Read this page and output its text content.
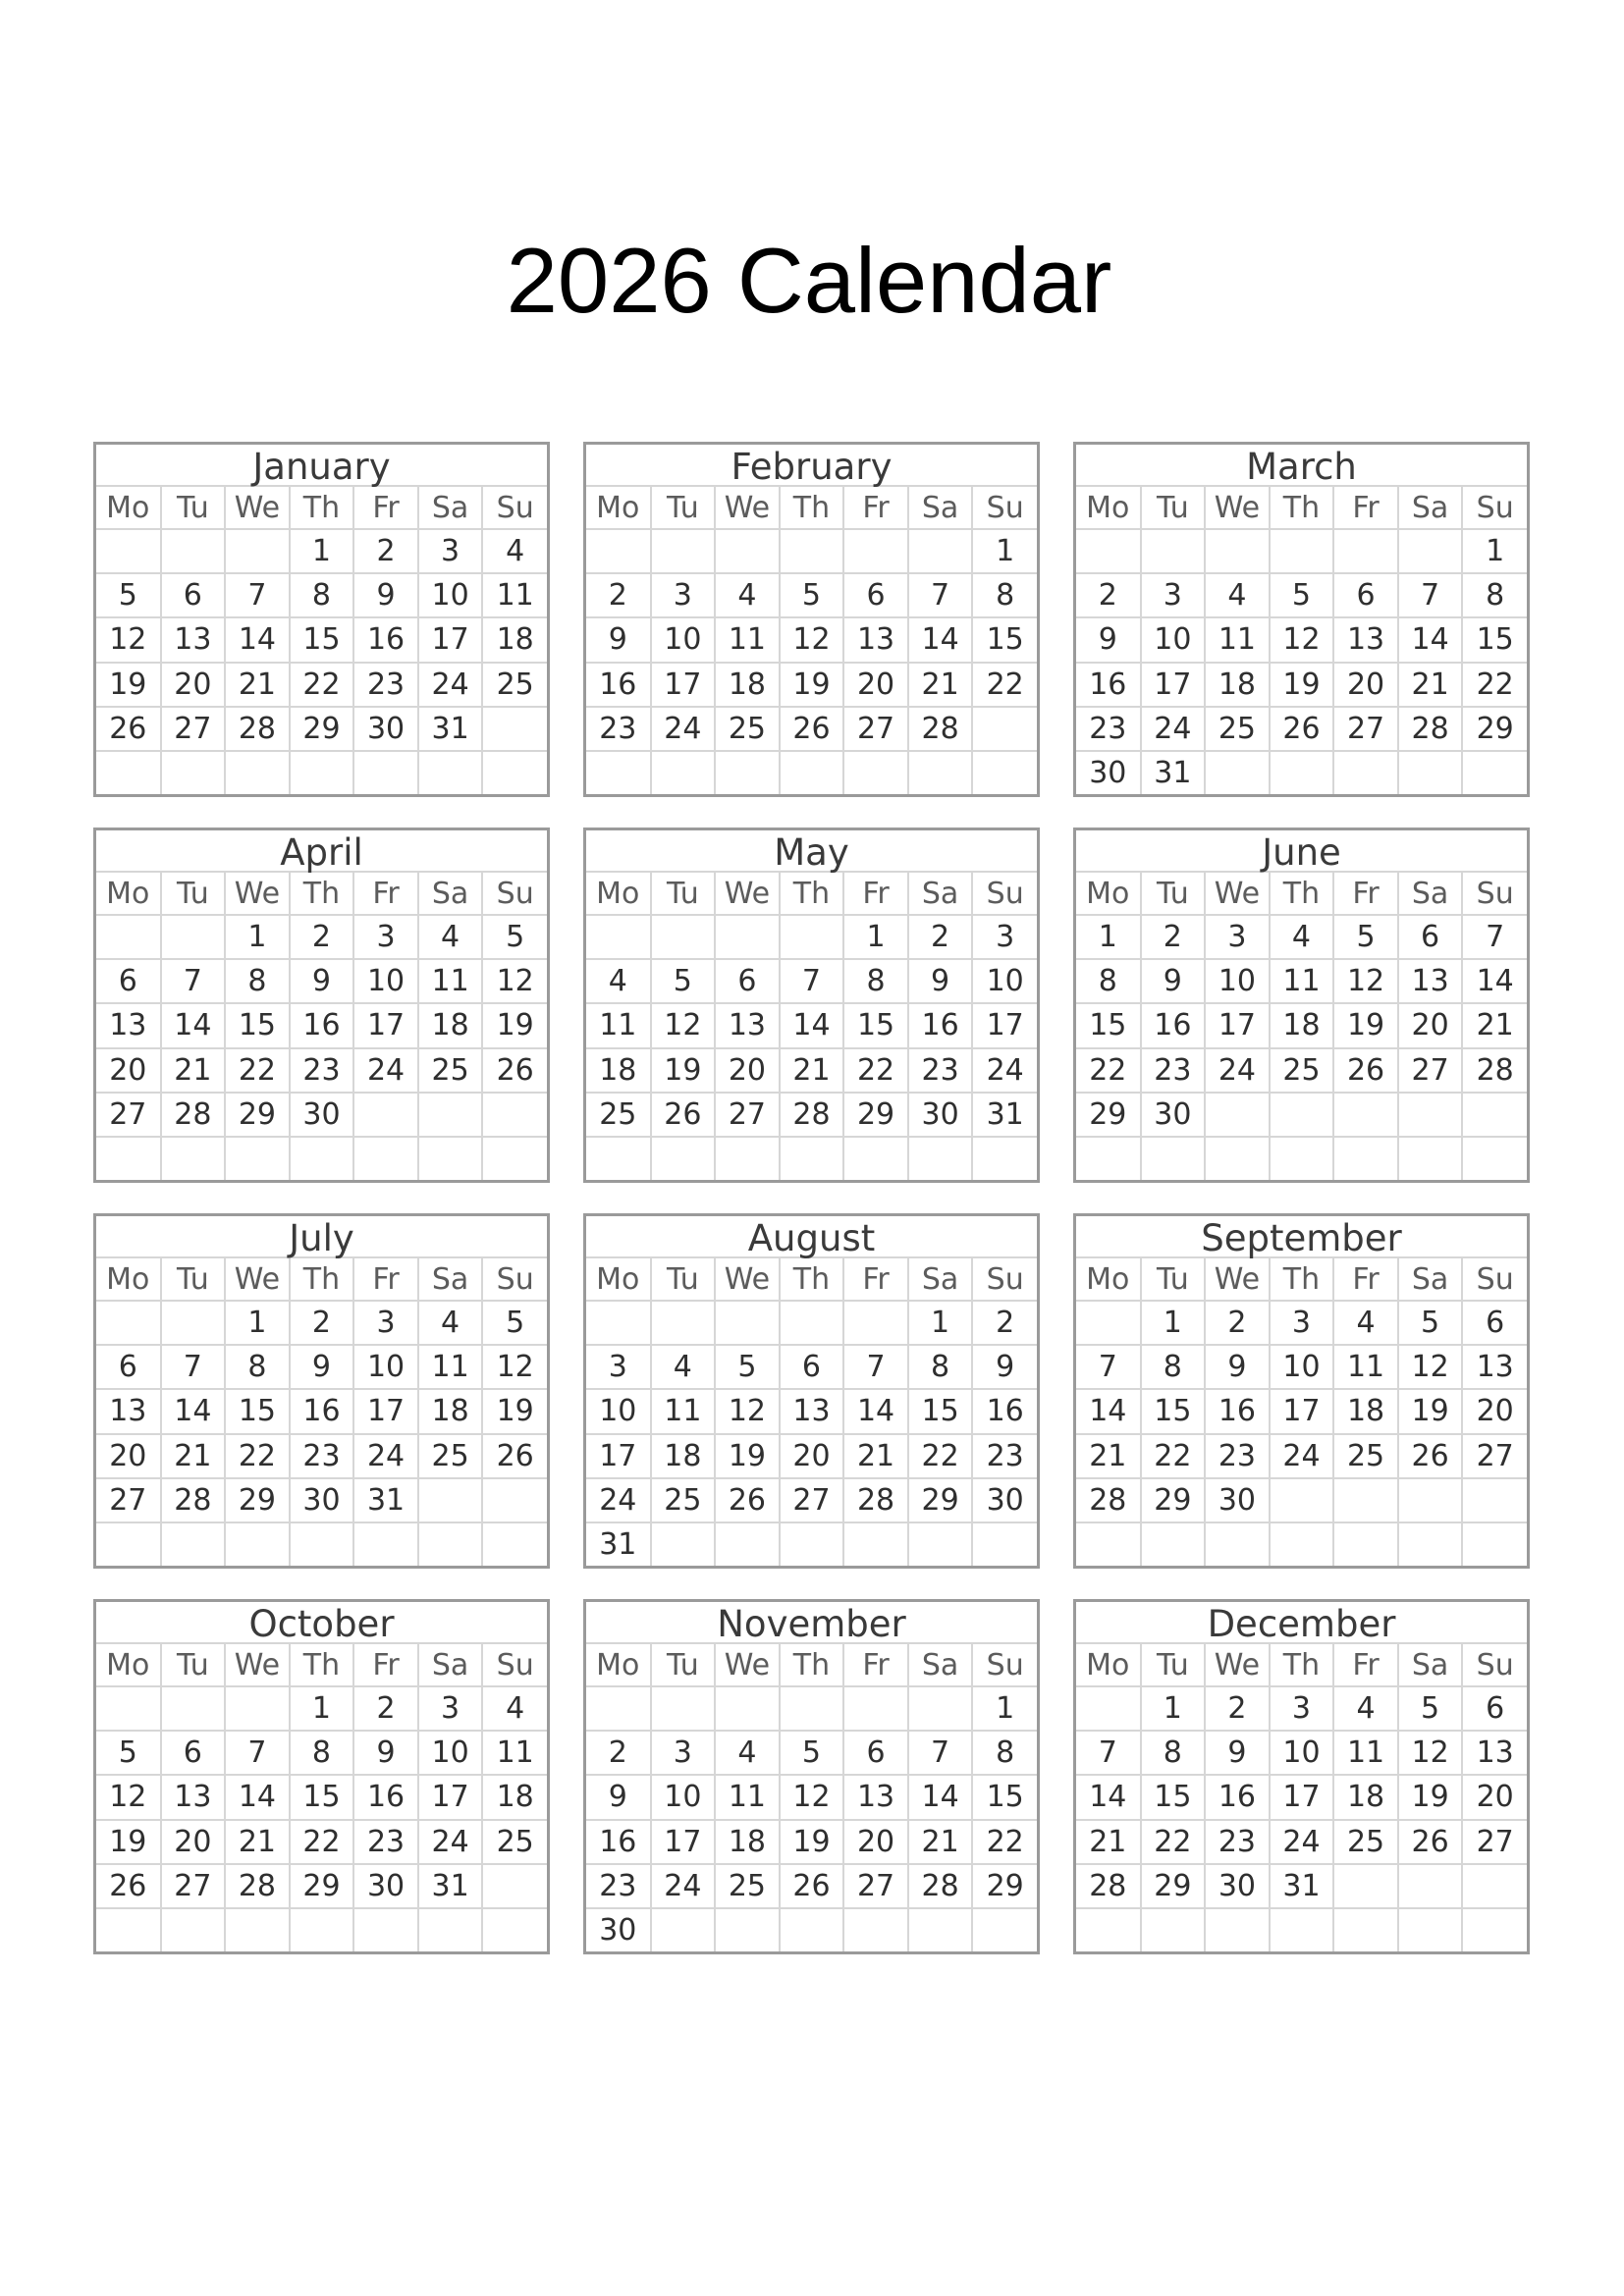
2026 Calendar
January
Mo	Tu	We	Th	Fr	Sa	Su
			1	2	3	4
5	6	7	8	9	10	11
12	13	14	15	16	17	18
19	20	21	22	23	24	25
26	27	28	29	30	31	

February
Mo	Tu	We	Th	Fr	Sa	Su
						1
2	3	4	5	6	7	8
9	10	11	12	13	14	15
16	17	18	19	20	21	22
23	24	25	26	27	28	

March
Mo	Tu	We	Th	Fr	Sa	Su
						1
2	3	4	5	6	7	8
9	10	11	12	13	14	15
16	17	18	19	20	21	22
23	24	25	26	27	28	29
30	31					
April
Mo	Tu	We	Th	Fr	Sa	Su
		1	2	3	4	5
6	7	8	9	10	11	12
13	14	15	16	17	18	19
20	21	22	23	24	25	26
27	28	29	30			

May
Mo	Tu	We	Th	Fr	Sa	Su
				1	2	3
4	5	6	7	8	9	10
11	12	13	14	15	16	17
18	19	20	21	22	23	24
25	26	27	28	29	30	31

June
Mo	Tu	We	Th	Fr	Sa	Su
1	2	3	4	5	6	7
8	9	10	11	12	13	14
15	16	17	18	19	20	21
22	23	24	25	26	27	28
29	30					

July
Mo	Tu	We	Th	Fr	Sa	Su
		1	2	3	4	5
6	7	8	9	10	11	12
13	14	15	16	17	18	19
20	21	22	23	24	25	26
27	28	29	30	31		

August
Mo	Tu	We	Th	Fr	Sa	Su
					1	2
3	4	5	6	7	8	9
10	11	12	13	14	15	16
17	18	19	20	21	22	23
24	25	26	27	28	29	30
31						
September
Mo	Tu	We	Th	Fr	Sa	Su
	1	2	3	4	5	6
7	8	9	10	11	12	13
14	15	16	17	18	19	20
21	22	23	24	25	26	27
28	29	30				

October
Mo	Tu	We	Th	Fr	Sa	Su
			1	2	3	4
5	6	7	8	9	10	11
12	13	14	15	16	17	18
19	20	21	22	23	24	25
26	27	28	29	30	31	

November
Mo	Tu	We	Th	Fr	Sa	Su
						1
2	3	4	5	6	7	8
9	10	11	12	13	14	15
16	17	18	19	20	21	22
23	24	25	26	27	28	29
30						
December
Mo	Tu	We	Th	Fr	Sa	Su
	1	2	3	4	5	6
7	8	9	10	11	12	13
14	15	16	17	18	19	20
21	22	23	24	25	26	27
28	29	30	31			
